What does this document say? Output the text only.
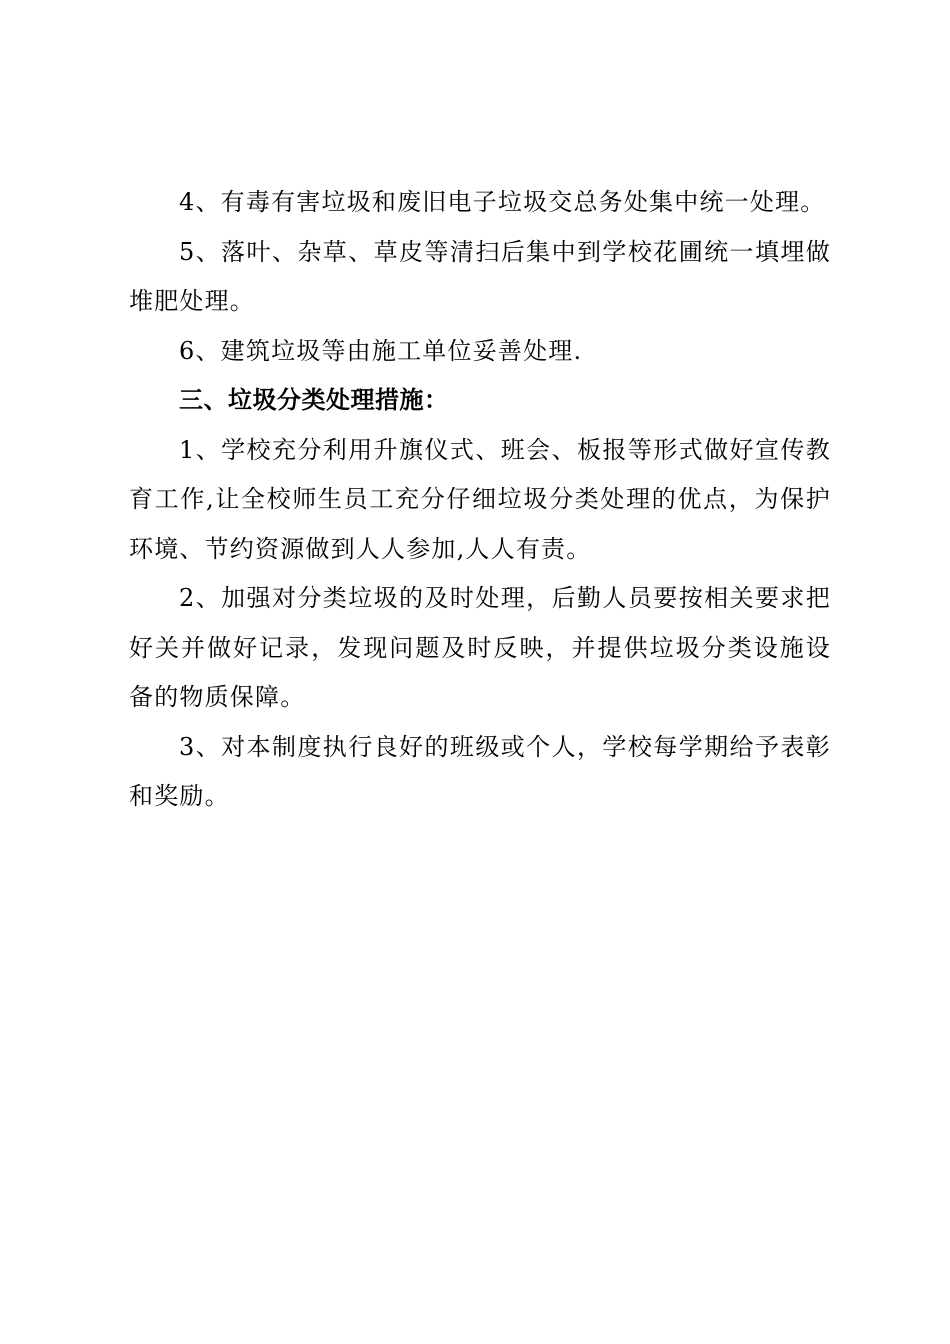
4、有毒有害垃圾和废旧电子垃圾交总务处集中统一处理。

5、落叶、杂草、草皮等清扫后集中到学校花圃统一填埋做堆肥处理。

6、建筑垃圾等由施工单位妥善处理.

三、垃圾分类处理措施：

1、学校充分利用升旗仪式、班会、板报等形式做好宣传教育工作,让全校师生员工充分仔细垃圾分类处理的优点，为保护环境、节约资源做到人人参加,人人有责。

2、加强对分类垃圾的及时处理，后勤人员要按相关要求把好关并做好记录，发现问题及时反映，并提供垃圾分类设施设备的物质保障。

3、对本制度执行良好的班级或个人，学校每学期给予表彰和奖励。
